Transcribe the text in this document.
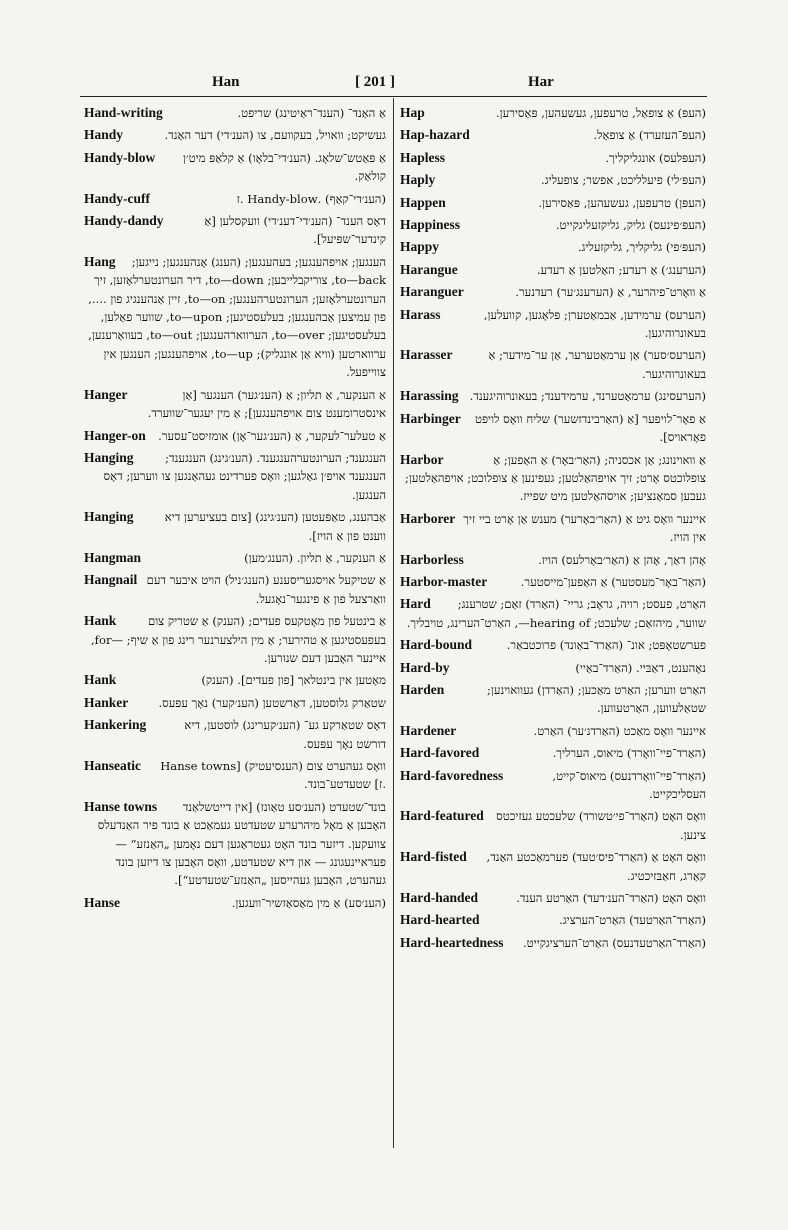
Han	[ 201 ]	Har
Hand-writing	אַ האַנד־ (הענד־ראַיטינג) שריפט.
Handy	געשיקט; וואויל, בעקוועם, צו (הענ׳די) דער האַנד.
Handy-blow	אַ פּאַטש־שלאָג. (הענ׳די־בלאָו) אַ קלאַפּ מיט׳ן קולאַק.
Handy-cuff	(הענ׳די־קאַף) .Handy-blow .ז
Handy-dandy	דאָס הענד־ (הענ׳די־דענ׳די) וועקסלען [אַ קינדער־שפּיעל].
Hang	הענגען; אויפהענגען; בעהענגען; (הענג) אָנהענגען; נייגען; to—back, צוריקבלייבען; to—down, דיר הערונטערלאָזען, זיך הערונטערלאָזען; הערונטערהענגען; to—on, זיין אַנהענגיג פון ...., פון עמיצען אַבהענגען; בעלעסטיגען; to—upon, שווער פאַלען, בעלעסטיגען; to—over, הערווארהענגען; to—out, בעוואַרענען, ערווארטען (וויא אַן אונגליק); to—up, אויפהענגען; הענגען אין צווייפעל.
Hanger	אַ הענקער, אַ תליון; אַ (הענ׳גער) הענגער [אַן אינסטרומענט צום אויפהענגען]; אַ מין יעגער־שווערד.
Hanger-on	אַ טעלער־לעקער, אַ (הענ׳גער־אָן) אומזיסט־עסער.
Hanging	הענגענד; הערונטערהענגענד. (הענ׳גינג) הענגענד; הענגענד אויפ׳ן גאַלגען; וואָס פערדינט געהאַנגען צו ווערען; דאָס הענגען.
Hanging	אַבהענג, טאַפּעטען (הענ׳גינג) [צום בעציערען דיא ווענט פון אַ הויז].
Hangman	אַ הענקער, אַ תליון. (הענג׳מען)
Hangnail אַ שטיקעל אויסגעריסענע (הענג׳ניל) הויט איבער דעם וואַרצעל פון אַ פינגער־נאָגעל.
Hank	אַ בינטעל פון מאָטקעס פעדים; (הענק) אַ שטריק צום בעפעסטיגען אַ טהירער; אַ מין הילצערנער רינג פון אַ שיף; —for, איינער האָבען דעם שנורען.
Hank	מאָטען אין בינטלאך [פון פעדים]. (הענק)
Hanker	שטאַרק גלוסטען, דאַרשטען (הענ׳קער) נאָך עפּעס.
Hankering	דאָס שטאַרקע גע־ (הענ׳קערינג) לוסטען, דיא דורשט נאָך עפּעס.
Hanseatic	וואָס געהערט צום (הענסיעטיק) [Hanse towns .ז] שטעדטע־בונד.
Hanse towns	בונד־שטעדט (הענ׳סע טאַונז) [אין דייטשלאַנד האָבען אַ מאָל מיהרערע שטעדטע געמאַכט אַ בונד פיר האַנדעלס צוועקען. דיזער בונד האָט געטראַגען דעם נאָמען „האַנזע“ — פעראיינעגונג — און דיא שטעדטע, וואָס האָבען צו דיזען בונד געהערט, האָבען געהייסען „האַנזע־שטעדטע“].
Hanse	(הענ׳סע) אַ מין מאַסאַזשיר־וועגען.
Hap	(העפּ) אַ צופאַל, טרעפען, געשעהען, פּאַסירען.
Hap-hazard	(העפּ־העזערד) אַ צופאַל.
Hapless	(העפּלעס) אונגליקליך.
Haply	(העפּ׳לי) פיעלליכט, אפשר; צופעליג.
Happen	(העפּן) טרעפען, געשעהען, פּאַסירען.
Happiness	(העפּ׳פינעס) גליק, גליקזעליגקייט.
Happy	(העפּ׳פי) גליקליך, גליקזעליג.
Harangue	(הערענג׳) אַ רעדע; האַלטען אַ רעדע.
Haranguer	אַ וואָרט־פיהרער, אַ (הערענג׳ער) רעדנער.
Harass	(הערעס) ערמידען, אַבמאַטערן; פּלאָגען, קוועלען, בעאונרוהיגען.
Harasser	(הערעס׳סער) אַן ערמאַטערער, אַן ער־מידער; אַ בעאונרוהיגער.
Harassing (הערעסינג) ערמאַטערנד, ערמידענד; בעאונרוהיגענד.
Harbinger	אַ פאָר־לויפער [אַ (האַרבינדזשער) שליח וואָס לויפט פאָראויס].
Harbor	אַ וואוינונג; אַן אכסניה; (האַר׳באָר) אַ האַפען; אַ צופלוכטס אָרט; זיך אויפהאַלטען; געפינען אַ צופלוכט; אויפהאַלטען; געבען סמאַנציען; אויסהאַלטען מיט שפייז.
Harborer איינער וואָס גיט אַ (האַר׳באָרער) מענש אַן אָרט ביי זיך אין הויז.
Harborless	אָהן דאַך, אָהן אַ (האַר׳באָרלעס) הויז.
Harbor-master	(האַר־באָר־מעסטער) אַ האַפען־מייסטער.
Hard	האַרט, פעסט; רויה, גראָב; גריי־ (האַרד) זאַם; שטרענג; שווער, מיהזאַם; שלעכט; hearing of—, האַרט־הערינג, טויבליך.
Hard-bound	פערשטאָפּט; אונ־ (האַרד־באַונד) פרוכטבאַר.
Hard-by	נאָהענט, דאַבּיי. (האַרד־באַיי)
Harden	האַרט ווערען; האַרט מאַכען; (האַרדן) געוואוינען; שטאַלעווען, האַרטעווען.
Hardener	איינער וואָס מאַכט (האַרדנ׳ער) האַרט.
Hard-favored	(האַרד־פיי־וואָרד) מיאוס, הערליך.
Hard-favoredness	(האַרד־פיי־וואָרדנעס) מיאוס־קייט, העסליכקייט.
Hard-featured	וואָס האָט (האַרד־פי׳טשורד) שלעכטע געזיכטס צינען.
Hard-fisted	וואָס האָט אַ (האַרד־פיס׳טעד) פערמאַכטע האַנד, קאַרג, חאַבּזיכטיג.
Hard-handed	וואָס האָט (האַרד־הענ׳דעד) האַרטע הענד.
Hard-hearted	(האַרד־האַרטעד) האַרט־הערציג.
Hard-heartedness	(האַרד־האַרטעדנעס) האַרט־הערציגקייט.
